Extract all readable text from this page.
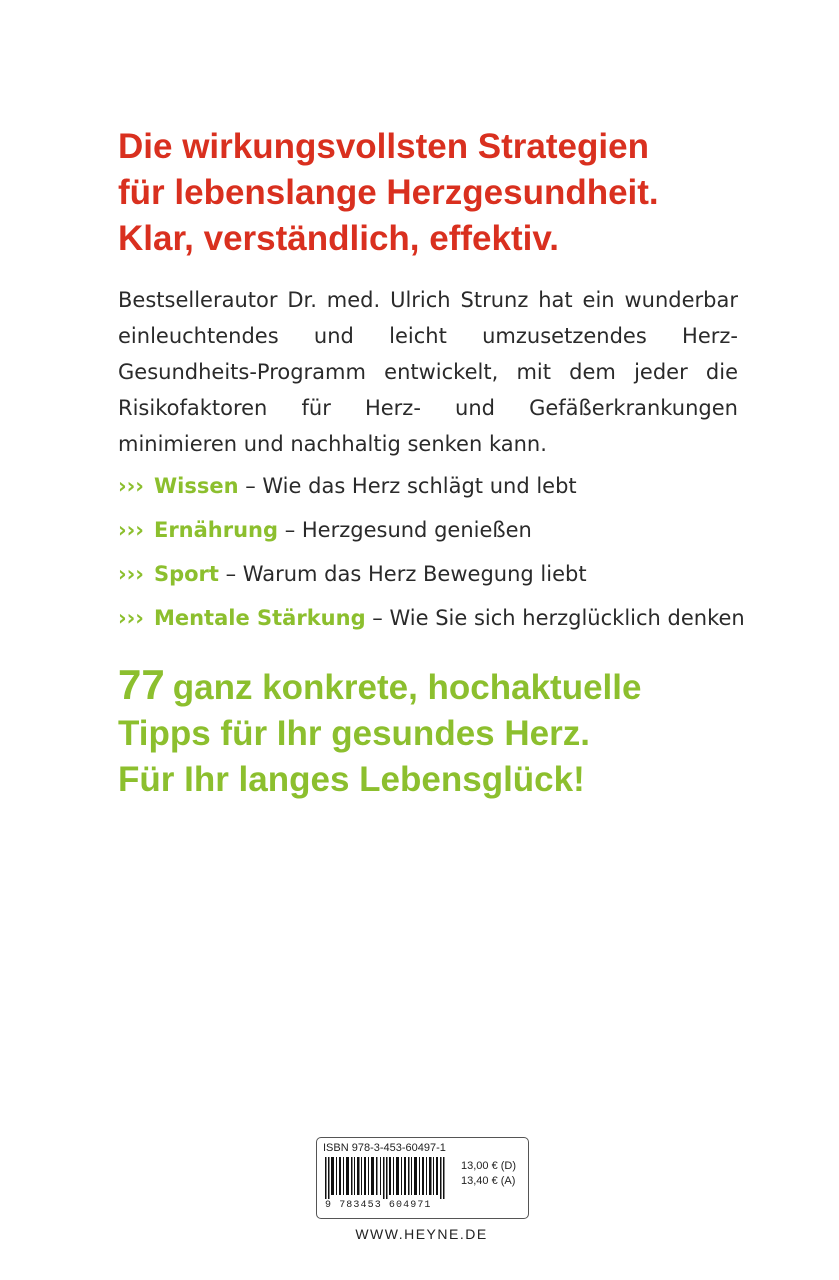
Die wirkungsvollsten Strategien
für lebenslange Herzgesundheit.
Klar, verständlich, effektiv.
Bestsellerautor Dr. med. Ulrich Strunz hat ein wunderbar einleuchtendes und leicht umzusetzendes Herz-Gesundheits-Programm entwickelt, mit dem jeder die Risikofaktoren für Herz- und Gefäßerkrankungen minimieren und nachhaltig senken kann.
››› Wissen – Wie das Herz schlägt und lebt
››› Ernährung – Herzgesund genießen
››› Sport – Warum das Herz Bewegung liebt
››› Mentale Stärkung – Wie Sie sich herzglücklich denken
77 ganz konkrete, hochaktuelle
Tipps für Ihr gesundes Herz.
Für Ihr langes Lebensglück!
ISBN 978-3-453-60497-1
9 783453 604971
13,00 € (D)
13,40 € (A)
WWW.HEYNE.DE
